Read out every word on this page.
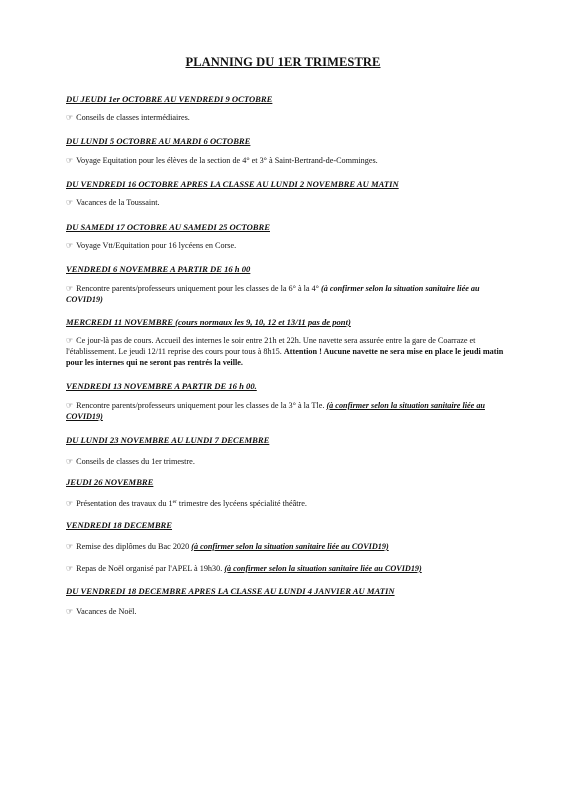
PLANNING DU 1ER TRIMESTRE
DU JEUDI 1er OCTOBRE AU VENDREDI 9 OCTOBRE
☞ Conseils de classes intermédiaires.
DU LUNDI 5 OCTOBRE AU MARDI 6 OCTOBRE
☞ Voyage Equitation pour les élèves de la section de 4° et 3° à Saint-Bertrand-de-Comminges.
DU VENDREDI 16 OCTOBRE APRES LA CLASSE AU LUNDI 2 NOVEMBRE AU MATIN
☞ Vacances de la Toussaint.
DU SAMEDI 17 OCTOBRE AU SAMEDI 25 OCTOBRE
☞ Voyage Vtt/Equitation pour 16 lycéens en Corse.
VENDREDI 6 NOVEMBRE A PARTIR DE 16 h 00
☞ Rencontre parents/professeurs uniquement pour les classes de la 6° à la 4° (à confirmer selon la situation sanitaire liée au COVID19)
MERCREDI 11 NOVEMBRE (cours normaux les 9, 10, 12 et 13/11 pas de pont)
☞ Ce jour-là pas de cours. Accueil des internes le soir entre 21h et 22h. Une navette sera assurée entre la gare de Coarraze et l'établissement. Le jeudi 12/11 reprise des cours pour tous à 8h15. Attention ! Aucune navette ne sera mise en place le jeudi matin pour les internes qui ne seront pas rentrés la veille.
VENDREDI 13 NOVEMBRE A PARTIR DE 16 h 00.
☞ Rencontre parents/professeurs uniquement pour les classes de la 3° à la Tle. (à confirmer selon la situation sanitaire liée au COVID19)
DU LUNDI 23 NOVEMBRE AU LUNDI 7 DECEMBRE
☞ Conseils de classes du 1er trimestre.
JEUDI 26 NOVEMBRE
☞ Présentation des travaux du 1er trimestre des lycéens spécialité théâtre.
VENDREDI 18 DECEMBRE
☞ Remise des diplômes du Bac 2020 (à confirmer selon la situation sanitaire liée au COVID19)
☞ Repas de Noël organisé par l'APEL à 19h30. (à confirmer selon la situation sanitaire liée au COVID19)
DU VENDREDI 18 DECEMBRE APRES LA CLASSE AU LUNDI 4 JANVIER AU MATIN
☞ Vacances de Noël.
